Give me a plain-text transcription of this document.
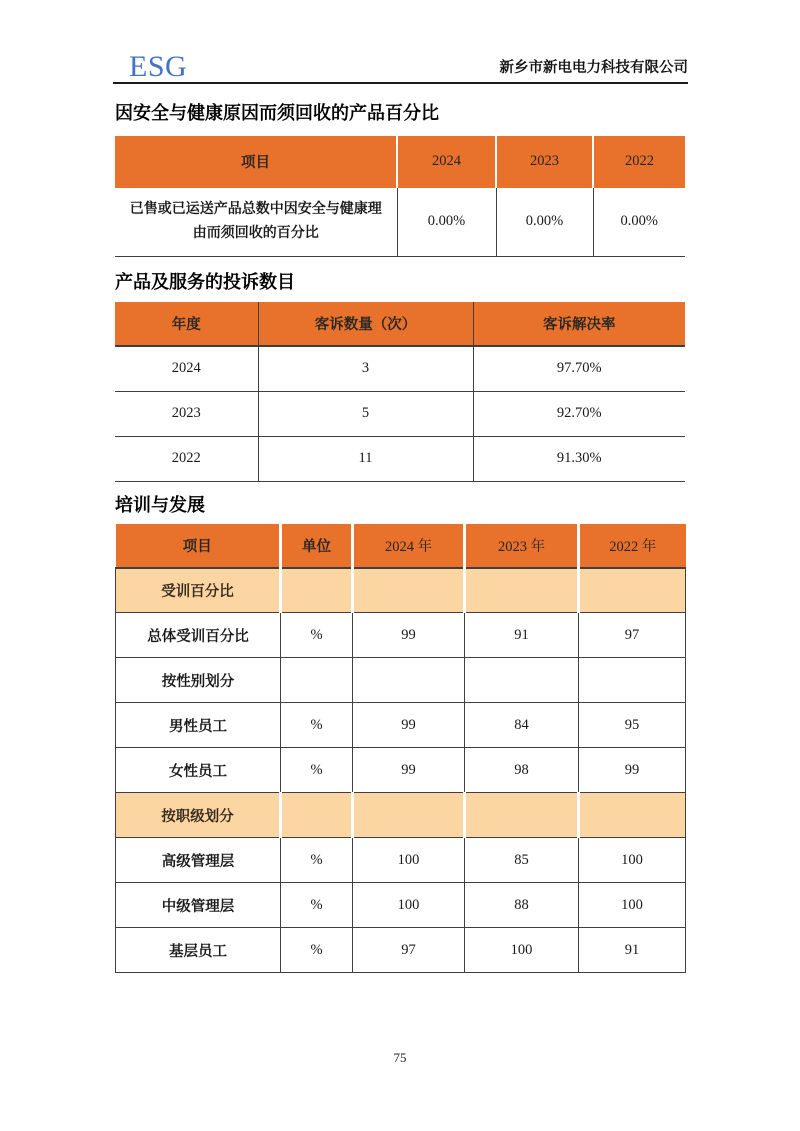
ESG	新乡市新电电力科技有限公司
因安全与健康原因而须回收的产品百分比
项目	2024	2023	2022
已售或已运送产品总数中因安全与健康理由而须回收的百分比	0.00%	0.00%	0.00%
产品及服务的投诉数目
年度	客诉数量（次）	客诉解决率
2024	3	97.70%
2023	5	92.70%
2022	11	91.30%
培训与发展
项目	单位	2024 年	2023 年	2022 年
受训百分比				
总体受训百分比	%	99	91	97
按性别划分				
男性员工	%	99	84	95
女性员工	%	99	98	99
按职级划分				
高级管理层	%	100	85	100
中级管理层	%	100	88	100
基层员工	%	97	100	91
75
